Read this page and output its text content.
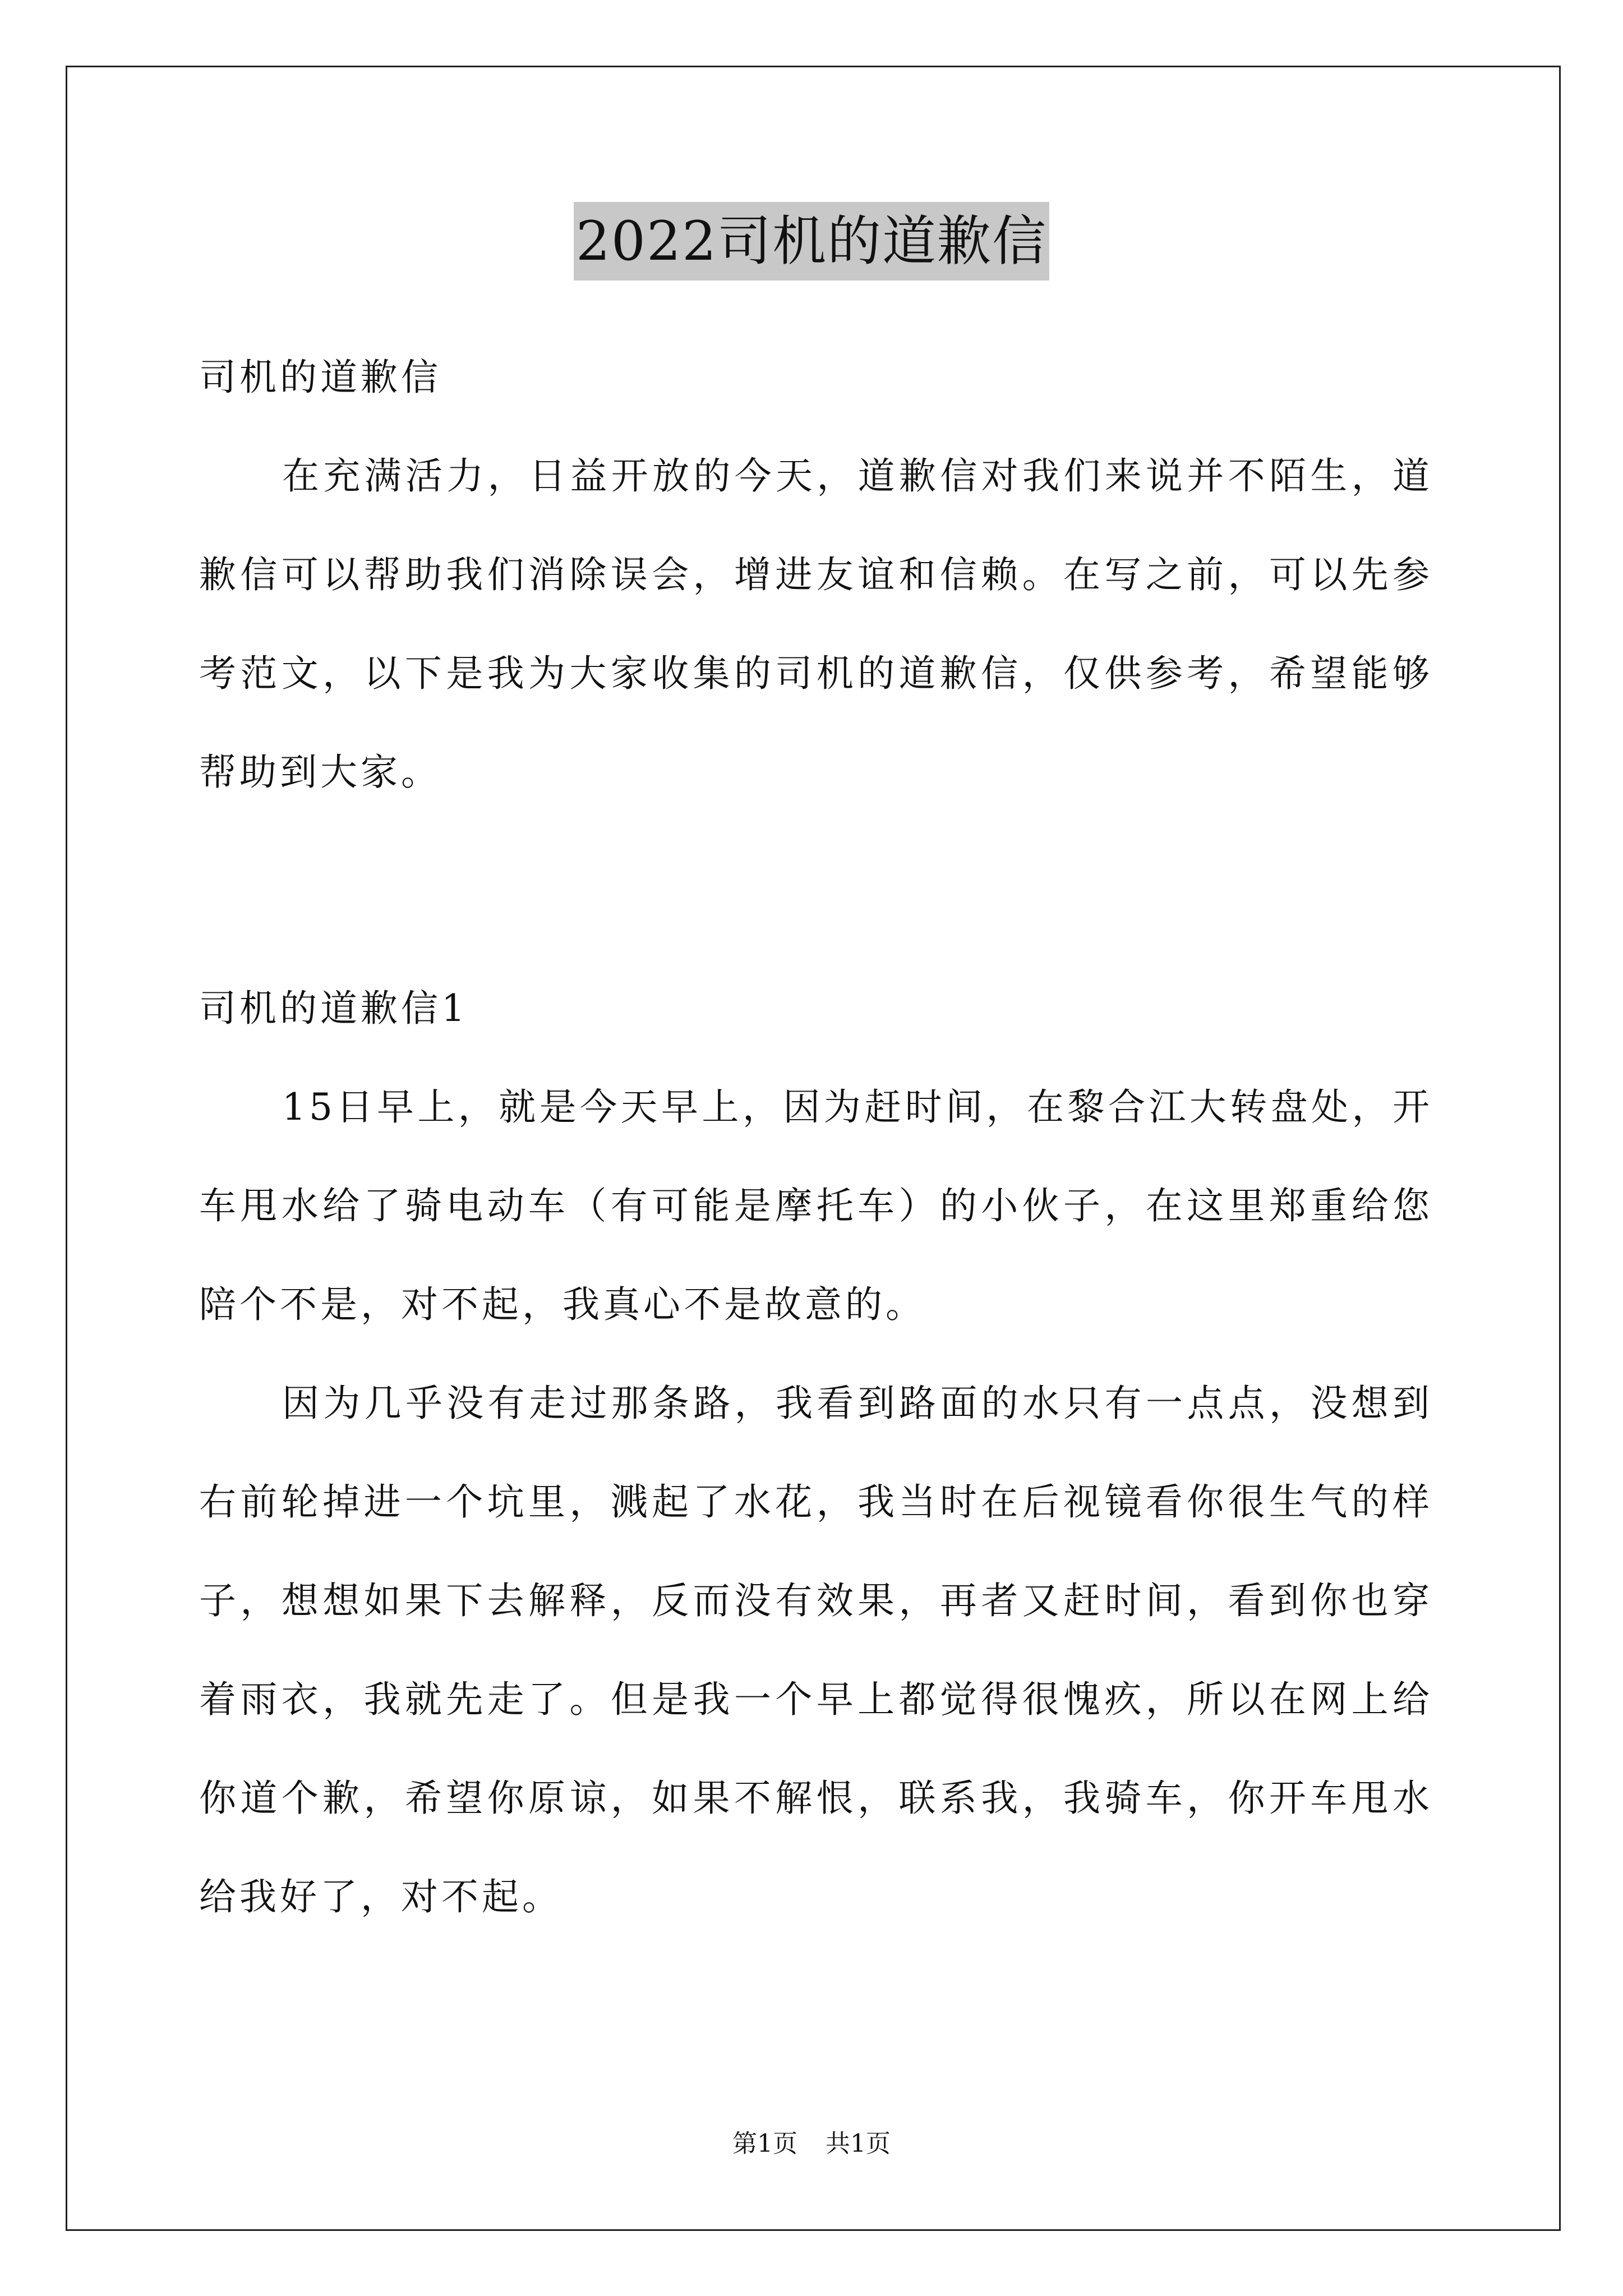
2022司机的道歉信

司机的道歉信

在充满活力，日益开放的今天，道歉信对我们来说并不陌生，道歉信可以帮助我们消除误会，增进友谊和信赖。在写之前，可以先参考范文，以下是我为大家收集的司机的道歉信，仅供参考，希望能够帮助到大家。

司机的道歉信1

15日早上，就是今天早上，因为赶时间，在黎合江大转盘处，开车甩水给了骑电动车（有可能是摩托车）的小伙子，在这里郑重给您陪个不是，对不起，我真心不是故意的。

因为几乎没有走过那条路，我看到路面的水只有一点点，没想到右前轮掉进一个坑里，溅起了水花，我当时在后视镜看你很生气的样子，想想如果下去解释，反而没有效果，再者又赶时间，看到你也穿着雨衣，我就先走了。但是我一个早上都觉得很愧疚，所以在网上给你道个歉，希望你原谅，如果不解恨，联系我，我骑车，你开车甩水给我好了，对不起。

第1页 共1页
